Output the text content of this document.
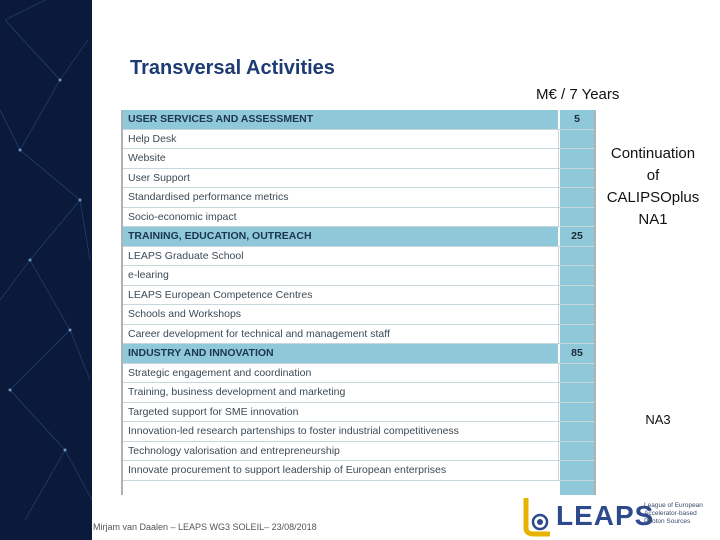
Transversal Activities
M€ / 7 Years
USER SERVICES AND ASSESSMENT	5
Help Desk
Website
User Support
Standardised performance metrics
Socio-economic impact
TRAINING, EDUCATION, OUTREACH	25
LEAPS Graduate School
e-learing
LEAPS European Competence Centres
Schools and Workshops
Career development for technical and management staff
INDUSTRY AND INNOVATION	85
Strategic engagement and coordination
Training, business development and marketing
Targeted support for SME innovation
Innovation-led research partenships to foster industrial competitiveness
Technology valorisation and entrepreneurship
Innovate procurement to support leadership of European enterprises
Continuation
of
CALIPSOplus
NA1
NA3
Mirjam van Daalen – LEAPS WG3 SOLEIL– 23/08/2018	LEAPS
League of European
Accelerator-based
Photon Sources
